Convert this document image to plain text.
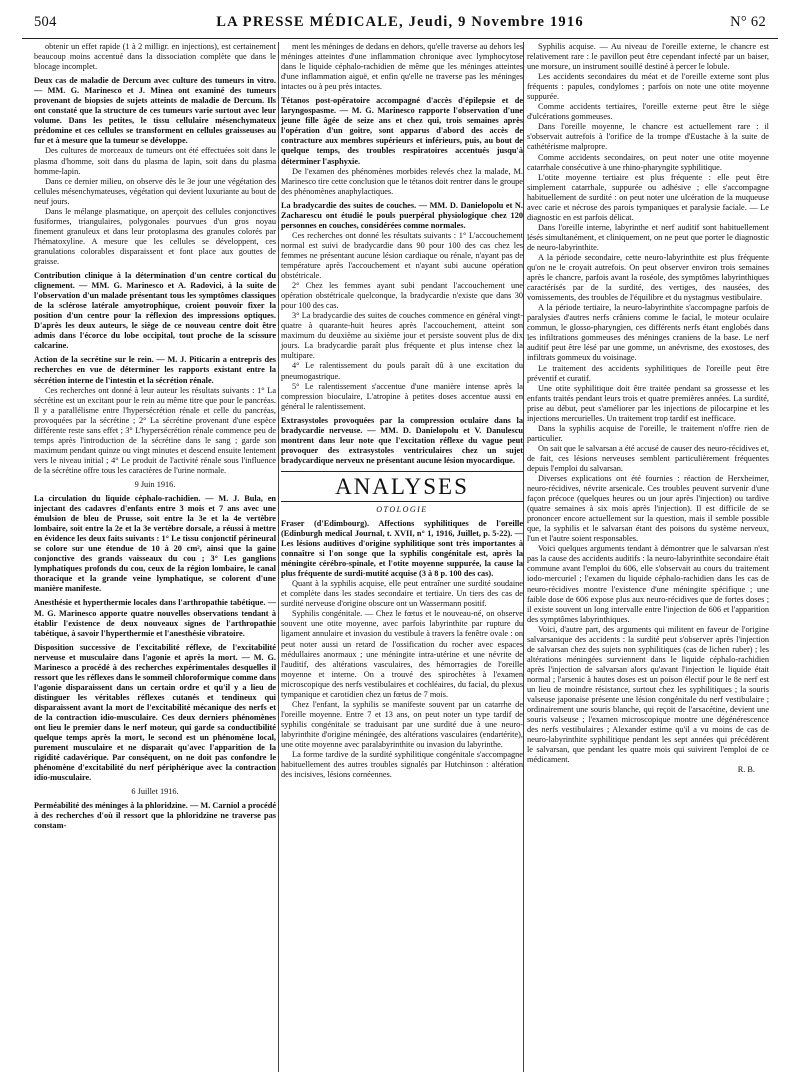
504	LA PRESSE MÉDICALE, Jeudi, 9 Novembre 1916	N° 62

obtenir un effet rapide (1 à 2 milligr. en injections), est certainement beaucoup moins accentué dans la dissociation complète que dans le blocage incomplet.

Deux cas de maladie de Dercum avec culture des tumeurs in vitro. — MM. G. Marinesco et J. Minea ont examiné des tumeurs provenant de biopsies de sujets atteints de maladie de Dercum. Ils ont constaté que la structure de ces tumeurs varie surtout avec leur volume. Dans les petites, le tissu cellulaire mésenchymateux prédomine et ces cellules se transforment en cellules graisseuses au fur et à mesure que la tumeur se développe.

Des cultures de morceaux de tumeurs ont été effectuées soit dans le plasma d'homme, soit dans du plasma de lapin, soit dans du plasma homme-lapin.

Dans ce dernier milieu, on observe dès le 3e jour une végétation des cellules mésenchymateuses, végétation qui devient luxuriante au bout de neuf jours.

Dans le mélange plasmatique, on aperçoit des cellules conjonctives fusiformes, triangulaires, polygonales pourvues d'un gros noyau finement granuleux et dans leur protoplasma des granules colorés par l'hématoxyline. A mesure que les cellules se développent, ces granulations colorables disparaissent et font place aux gouttes de graisse.

Contribution clinique à la détermination d'un centre cortical du clignement. — MM. G. Marinesco et A. Radovici, à la suite de l'observation d'un malade présentant tous les symptômes classiques de la sclérose latérale amyotrophique, croient pouvoir fixer la position d'un centre pour la réflexion des impressions optiques. D'après les deux auteurs, le siège de ce nouveau centre doit être admis dans l'écorce du lobe occipital, tout proche de la scissure calcarine.

Action de la secrétine sur le rein. — M. J. Piticarin a entrepris des recherches en vue de déterminer les rapports existant entre la sécrétion interne de l'intestin et la sécrétion rénale.

Ces recherches ont donné à leur auteur les résultats suivants : 1° La sécrétine est un excitant pour le rein au même titre que pour le pancréas. Il y a parallélisme entre l'hypersécrétion rénale et celle du pancréas, provoquées par la sécrétine ; 2° La sécrétine provenant d'une espèce différente reste sans effet ; 3° L'hypersécrétion rénale commence peu de temps après l'introduction de la sécrétine dans le sang ; garde son maximum pendant quinze ou vingt minutes et descend ensuite lentement vers le niveau initial ; 4° Le produit de l'activité rénale sous l'influence de la sécrétine offre tous les caractères de l'urine normale.

9 Juin 1916.

La circulation du liquide céphalo-rachidien. — M. J. Bula, en injectant des cadavres d'enfants entre 3 mois et 7 ans avec une émulsion de bleu de Prusse, soit entre la 3e et la 4e vertèbre lombaire, soit entre la 2e et la 3e vertèbre dorsale, a réussi à mettre en évidence les deux faits suivants : 1° Le tissu conjonctif périneural se colore sur une étendue de 10 à 20 cm², ainsi que la gaine conjonctive des grands vaisseaux du cou ; 3° Les ganglions lymphatiques profonds du cou, ceux de la région lombaire, le canal thoracique et la grande veine lymphatique, se colorent d'une manière manifeste.

Anesthésie et hyperthermie locales dans l'arthropathie tabétique. — M. G. Marinesco apporte quatre nouvelles observations tendant à établir l'existence de deux nouveaux signes de l'arthropathie tabétique, à savoir l'hyperthermie et l'anesthésie vibratoire.

Disposition successive de l'excitabilité réflexe, de l'excitabilité nerveuse et musculaire dans l'agonie et après la mort. — M. G. Marinesco a procédé à des recherches expérimentales desquelles il ressort que les réflexes dans le sommeil chloroformique comme dans l'agonie disparaissent dans un certain ordre et qu'il y a lieu de distinguer les véritables réflexes cutanés et tendineux qui disparaissent avant la mort de l'excitabilité mécanique des nerfs et de la contraction idio-musculaire. Ces deux derniers phénomènes ont lieu le premier dans le nerf moteur, qui garde sa conductibilité quelque temps après la mort, le second est un phénomène local, purement musculaire et ne disparait qu'avec l'apparition de la rigidité cadavérique. Par conséquent, on ne doit pas confondre le phénomène d'excitabilité du nerf périphérique avec la contraction idio-musculaire.

6 Juillet 1916.

Perméabilité des méninges à la phloridzine. — M. Carniol a procédé à des recherches d'où il ressort que la phloridzine ne traverse pas constam-

ment les méninges de dedans en dehors, qu'elle traverse au dehors les méninges atteintes d'une inflammation chronique avec lymphocytose dans le liquide céphalo-rachidien de même que les méninges atteintes d'une inflammation aiguë, et enfin qu'elle ne traverse pas les méninges intactes ou à peu près intactes.

Tétanos post-opératoire accompagné d'accès d'épilepsie et de laryngospasme. — M. G. Marinesco rapporte l'observation d'une jeune fille âgée de seize ans et chez qui, trois semaines après l'opération d'un goitre, sont apparus d'abord des accès de contracture aux membres supérieurs et inférieurs, puis, au bout de quelque temps, des troubles respiratoires accentués jusqu'à déterminer l'asphyxie.

De l'examen des phénomènes morbides relevés chez la malade, M. Marinesco tire cette conclusion que le tétanos doit rentrer dans le groupe des phénomènes anaphylactiques.

La bradycardie des suites de couches. — MM. D. Danielopolu et N. Zacharescu ont étudié le pouls puerpéral physiologique chez 120 personnes en couches, considérées comme normales.

Ces recherches ont donné les résultats suivants : 1° L'accouchement normal est suivi de bradycardie dans 90 pour 100 des cas chez les femmes ne présentant aucune lésion cardiaque ou rénale, n'ayant pas de température après l'accouchement et n'ayant subi aucune opération obstétricale.

2° Chez les femmes ayant subi pendant l'accouchement une opération obstétricale quelconque, la bradycardie n'existe que dans 30 pour 100 des cas.

3° La bradycardie des suites de couches commence en général vingt-quatre à quarante-huit heures après l'accouchement, atteint son maximum du deuxième au sixième jour et persiste souvent plus de dix jours. La bradycardie paraît plus fréquente et plus intense chez la multipare.

4° Le ralentissement du pouls paraît dû à une excitation du pneumogastrique.

5° Le ralentissement s'accentue d'une manière intense après la compression bioculaire, L'atropine à petites doses accentue aussi en général le ralentissement.

Extrasystoles provoquées par la compression oculaire dans la bradycardie nerveuse. — MM. D. Danielopolu et V. Danulescu montrent dans leur note que l'excitation réflexe du vague peut provoquer des extrasystoles ventriculaires chez un sujet bradycardique nerveux ne présentant aucune lésion myocardique.

ANALYSES

OTOLOGIE

Fraser (d'Edimbourg). Affections syphilitiques de l'oreille (Edinburgh medical Journal, t. XVII, n° 1, 1916, Juillet, p. 5-22). — Les lésions auditives d'origine syphilitique sont très importantes à connaître si l'on songe que la syphilis congénitale est, après la méningite cérébro-spinale, et l'otite moyenne suppurée, la cause la plus fréquente de surdi-mutité acquise (3 à 8 p. 100 des cas).

Quant à la syphilis acquise, elle peut entraîner une surdité soudaine et complète dans les stades secondaire et tertiaire. Un tiers des cas de surdité nerveuse d'origine obscure ont un Wassermann positif.

Syphilis congénitale. — Chez le fœtus et le nouveau-né, on observe souvent une otite moyenne, avec parfois labyrinthite par rupture du ligament annulaire et invasion du vestibule à travers la fenêtre ovale : on peut noter aussi un retard de l'ossification du rocher avec espaces médullaires anormaux ; une méningite intra-utérine et une névrite de l'auditif, des altérations vasculaires, des hémorragies de l'oreille moyenne et interne. On a trouvé des spirochètes à l'examen microscopique des nerfs vestibulaires et cochléaires, du facial, du plexus tympanique et carotidien chez un fœtus de 7 mois.

Chez l'enfant, la syphilis se manifeste souvent par un catarrhe de l'oreille moyenne. Entre 7 et 13 ans, on peut noter un type tardif de syphilis congénitale se traduisant par une surdité due à une neuro-labyrinthite d'origine méningée, des altérations vasculaires (endartérite), une otite moyenne avec paralabyrinthite ou invasion du labyrinthe.

La forme tardive de la surdité syphilitique congénitale s'accompagne habituellement des autres troubles signalés par Hutchinson : altération des incisives, lésions cornéennes.

Syphilis acquise. — Au niveau de l'oreille externe, le chancre est relativement rare : le pavillon peut être cependant infecté par un baiser, une morsure, un instrument souillé destiné à percer le lobule.

Les accidents secondaires du méat et de l'oreille externe sont plus fréquents : papules, condylomes ; parfois on note une otite moyenne suppurée.

Comme accidents tertiaires, l'oreille externe peut être le siège d'ulcérations gommeuses.

Dans l'oreille moyenne, le chancre est actuellement rare : il s'observait autrefois à l'orifice de la trompe d'Eustache à la suite de cathétérisme malpropre.

Comme accidents secondaires, on peut noter une otite moyenne catarrhale consécutive à une rhino-pharyngite syphilitique.

L'otite moyenne tertiaire est plus fréquente : elle peut être simplement catarrhale, suppurée ou adhésive ; elle s'accompagne habituellement de surdité : on peut noter une ulcération de la muqueuse avec carie et nécrose des parois tympaniques et paralysie faciale. — Le diagnostic en est parfois délicat.

Dans l'oreille interne, labyrinthe et nerf auditif sont habituellement lésés simultanément, et cliniquement, on ne peut que porter le diagnostic de neuro-labyrinthite.

A la période secondaire, cette neuro-labyrinthite est plus fréquente qu'on ne le croyait autrefois. On peut observer environ trois semaines après le chancre, parfois avant la roséole, des symptômes labyrinthiques caractérisés par de la surdité, des vertiges, des nausées, des vomissements, des troubles de l'équilibre et du nystagmus vestibulaire.

A la période tertiaire, la neuro-labyrinthite s'accompagne parfois de paralysies d'autres nerfs crâniens comme le facial, le moteur oculaire commun, le glosso-pharyngien, ces différents nerfs étant englobés dans les infiltrations gommeuses des méninges craniens de la base. Le nerf auditif peut être lésé par une gomme, un anévrisme, des exostoses, des infiltrats gommeux du voisinage.

Le traitement des accidents syphilitiques de l'oreille peut être préventif et curatif.

Une otite syphilitique doit être traitée pendant sa grossesse et les enfants traités pendant leurs trois et quatre premières années. La surdité, prise au début, peut s'améliorer par les injections de pilocarpine et les injections mercurielles. Un traitement trop tardif est inefficace.

Dans la syphilis acquise de l'oreille, le traitement n'offre rien de particulier.

On sait que le salvarsan a été accusé de causer des neuro-récidives et, de fait, ces lésions nerveuses semblent particulièrement fréquentes depuis l'emploi du salvarsan.

Diverses explications ont été fournies : réaction de Herxheimer, neuro-récidives, névrite arsenicale. Ces troubles peuvent survenir d'une façon précoce (quelques heures ou un jour après l'injection) ou tardive (quatre semaines à six mois après l'injection). Il est difficile de se prononcer encore actuellement sur la question, mais il semble possible que, la syphilis et le salvarsan étant des poisons du système nerveux, l'un et l'autre soient responsables.

Voici quelques arguments tendant à démontrer que le salvarsan n'est pas la cause des accidents auditifs : la neuro-labyrinthite secondaire était commune avant l'emploi du 606, elle s'observait au cours du traitement iodo-mercuriel ; l'examen du liquide céphalo-rachidien dans les cas de neuro-récidives montre l'existence d'une méningite spécifique ; une faible dose de 606 expose plus aux neuro-récidives que de fortes doses ; il existe souvent un long intervalle entre l'injection de 606 et l'apparition des symptômes labyrinthiques.

Voici, d'autre part, des arguments qui militent en faveur de l'origine salvarsanique des accidents : la surdité peut s'observer après l'injection de salvarsan chez des sujets non syphilitiques (cas de lichen ruber) ; les altérations méningées surviennent dans le liquide céphalo-rachidien après l'injection de salvarsan alors qu'avant l'injection le liquide était normal ; l'arsenic à hautes doses est un poison électif pour le 8e nerf est un lieu de moindre résistance, surtout chez les syphilitiques ; la souris valseuse japonaise présente une lésion congénitale du nerf vestibulaire ; ordinairement une souris blanche, qui reçoit de l'arsacétine, devient une souris valseuse ; l'examen microscopique montre une dégénérescence des nerfs vestibulaires ; Alexander estime qu'il a vu moins de cas de neuro-labyrinthite syphilitique pendant les sept années qui précédèrent le salvarsan, que pendant les quatre mois qui suivirent l'emploi de ce médicament.

R. B.
